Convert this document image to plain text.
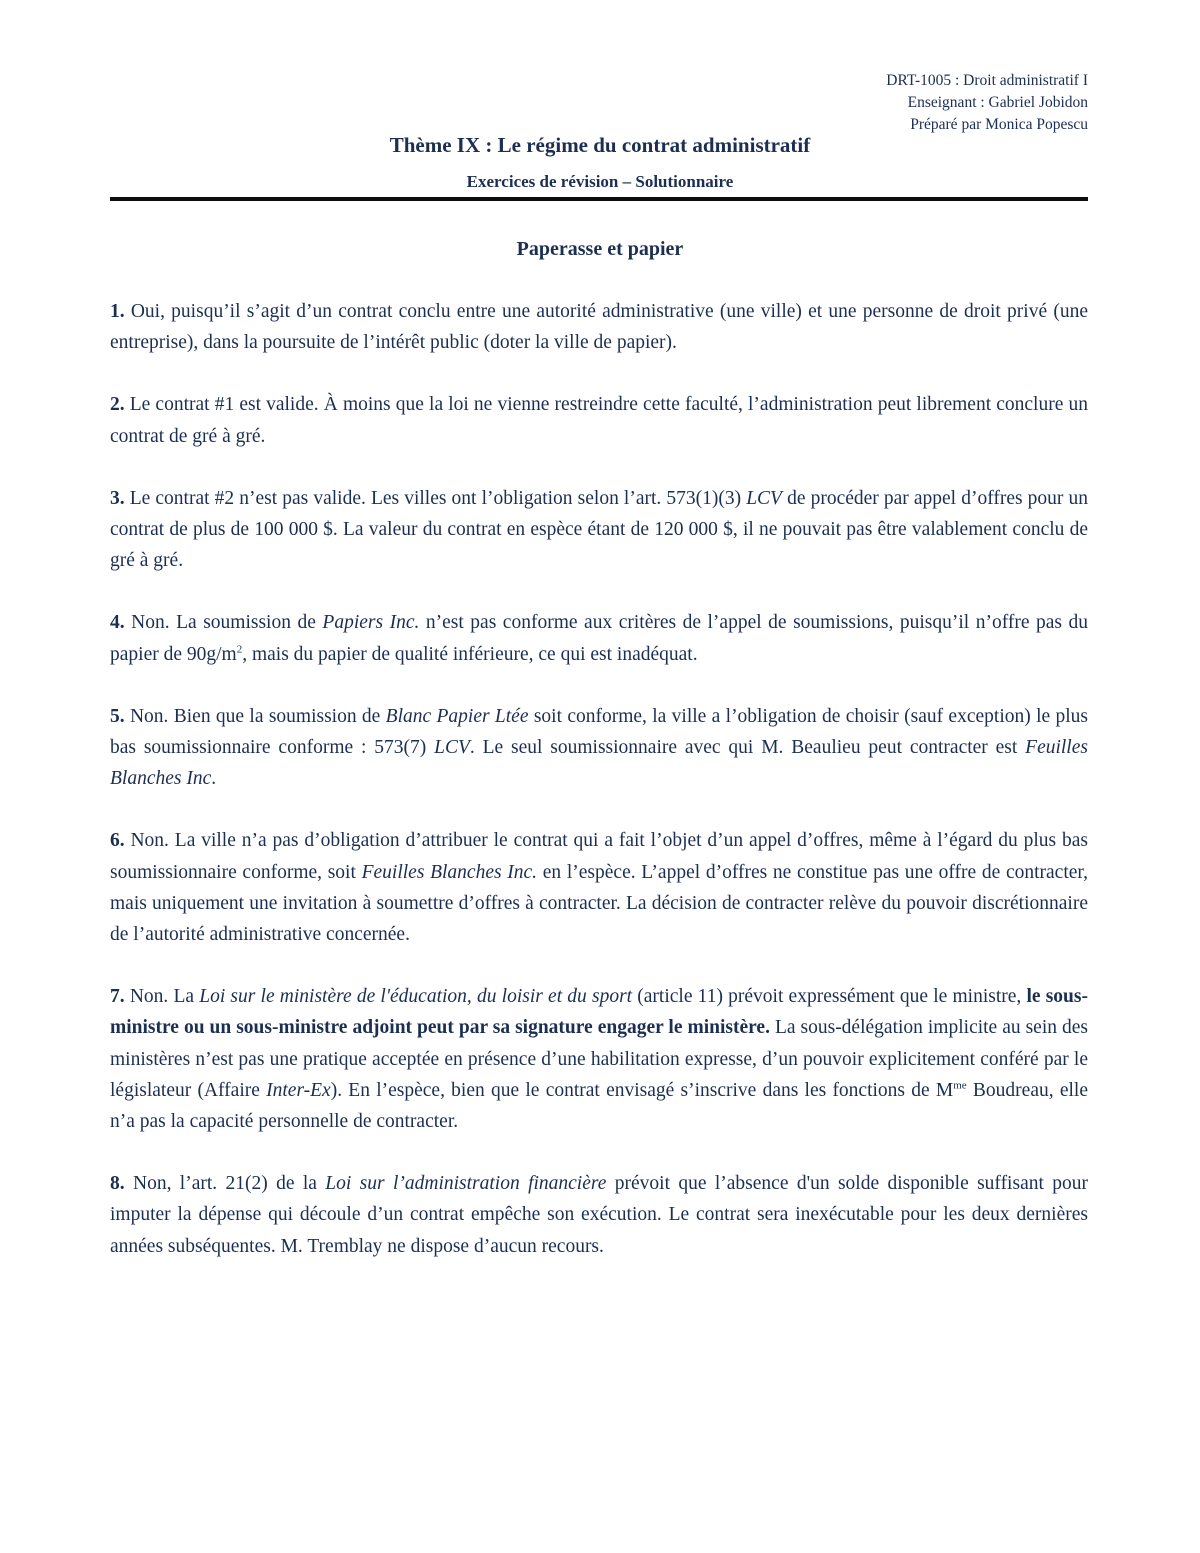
DRT-1005 : Droit administratif I
Enseignant : Gabriel Jobidon
Préparé par Monica Popescu
Thème IX : Le régime du contrat administratif
Exercices de révision – Solutionnaire
Paperasse et papier

1. Oui, puisqu’il s’agit d’un contrat conclu entre une autorité administrative (une ville) et une personne de droit privé (une entreprise), dans la poursuite de l’intérêt public (doter la ville de papier).

2. Le contrat #1 est valide. À moins que la loi ne vienne restreindre cette faculté, l’administration peut librement conclure un contrat de gré à gré.

3. Le contrat #2 n’est pas valide. Les villes ont l’obligation selon l’art. 573(1)(3) LCV de procéder par appel d’offres pour un contrat de plus de 100 000 $. La valeur du contrat en espèce étant de 120 000 $, il ne pouvait pas être valablement conclu de gré à gré.

4. Non. La soumission de Papiers Inc. n’est pas conforme aux critères de l’appel de soumissions, puisqu’il n’offre pas du papier de $90g/m^2$, mais du papier de qualité inférieure, ce qui est inadéquat.

5. Non. Bien que la soumission de Blanc Papier Ltée soit conforme, la ville a l’obligation de choisir (sauf exception) le plus bas soumissionnaire conforme : 573(7) LCV. Le seul soumissionnaire avec qui M. Beaulieu peut contracter est Feuilles Blanches Inc.

6. Non. La ville n’a pas d’obligation d’attribuer le contrat qui a fait l’objet d’un appel d’offres, même à l’égard du plus bas soumissionnaire conforme, soit Feuilles Blanches Inc. en l’espèce. L’appel d’offres ne constitue pas une offre de contracter, mais uniquement une invitation à soumettre d’offres à contracter. La décision de contracter relève du pouvoir discrétionnaire de l’autorité administrative concernée.

7. Non. La Loi sur le ministère de l'éducation, du loisir et du sport (article 11) prévoit expressément que le ministre, le sous-ministre ou un sous-ministre adjoint peut par sa signature engager le ministère. La sous-délégation implicite au sein des ministères n’est pas une pratique acceptée en présence d’une habilitation expresse, d’un pouvoir explicitement conféré par le législateur (Affaire Inter-Ex). En l’espèce, bien que le contrat envisagé s’inscrive dans les fonctions de $M^{me}$ Boudreau, elle n’a pas la capacité personnelle de contracter.

8. Non, l’art. 21(2) de la Loi sur l’administration financière prévoit que l’absence d'un solde disponible suffisant pour imputer la dépense qui découle d’un contrat empêche son exécution. Le contrat sera inexécutable pour les deux dernières années subséquentes. M. Tremblay ne dispose d’aucun recours.
